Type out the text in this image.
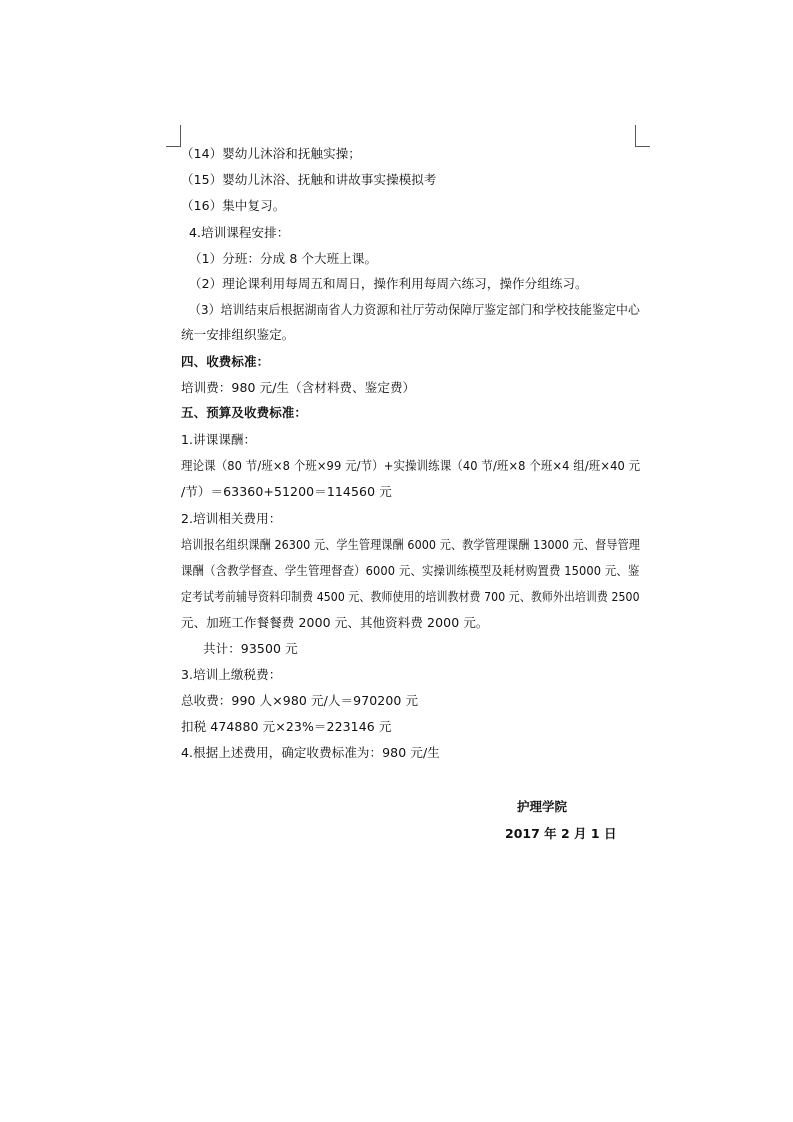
（14）婴幼儿沐浴和抚触实操；
（15）婴幼儿沐浴、抚触和讲故事实操模拟考
（16）集中复习。
4.培训课程安排：
（1）分班：分成 8 个大班上课。
（2）理论课利用每周五和周日，操作利用每周六练习，操作分组练习。
（3）培训结束后根据湖南省人力资源和社厅劳动保障厅鉴定部门和学校技能鉴定中心
统一安排组织鉴定。
四、收费标准：
培训费：980 元/生（含材料费、鉴定费）
五、预算及收费标准：
1.讲课课酬：
理论课（80 节/班×8 个班×99 元/节）+实操训练课（40 节/班×8 个班×4 组/班×40 元
/节）＝63360+51200＝114560 元
2.培训相关费用：
培训报名组织课酬 26300 元、学生管理课酬 6000 元、教学管理课酬 13000 元、督导管理
课酬（含教学督查、学生管理督查）6000 元、实操训练模型及耗材购置费 15000 元、鉴
定考试考前辅导资料印制费 4500 元、教师使用的培训教材费 700 元、教师外出培训费 2500
元、加班工作餐餐费 2000 元、其他资料费 2000 元。
共计：93500 元
3.培训上缴税费：
总收费：990 人×980 元/人＝970200 元
扣税 474880 元×23%＝223146 元
4.根据上述费用，确定收费标准为：980 元/生
护理学院
2017 年 2 月 1 日
